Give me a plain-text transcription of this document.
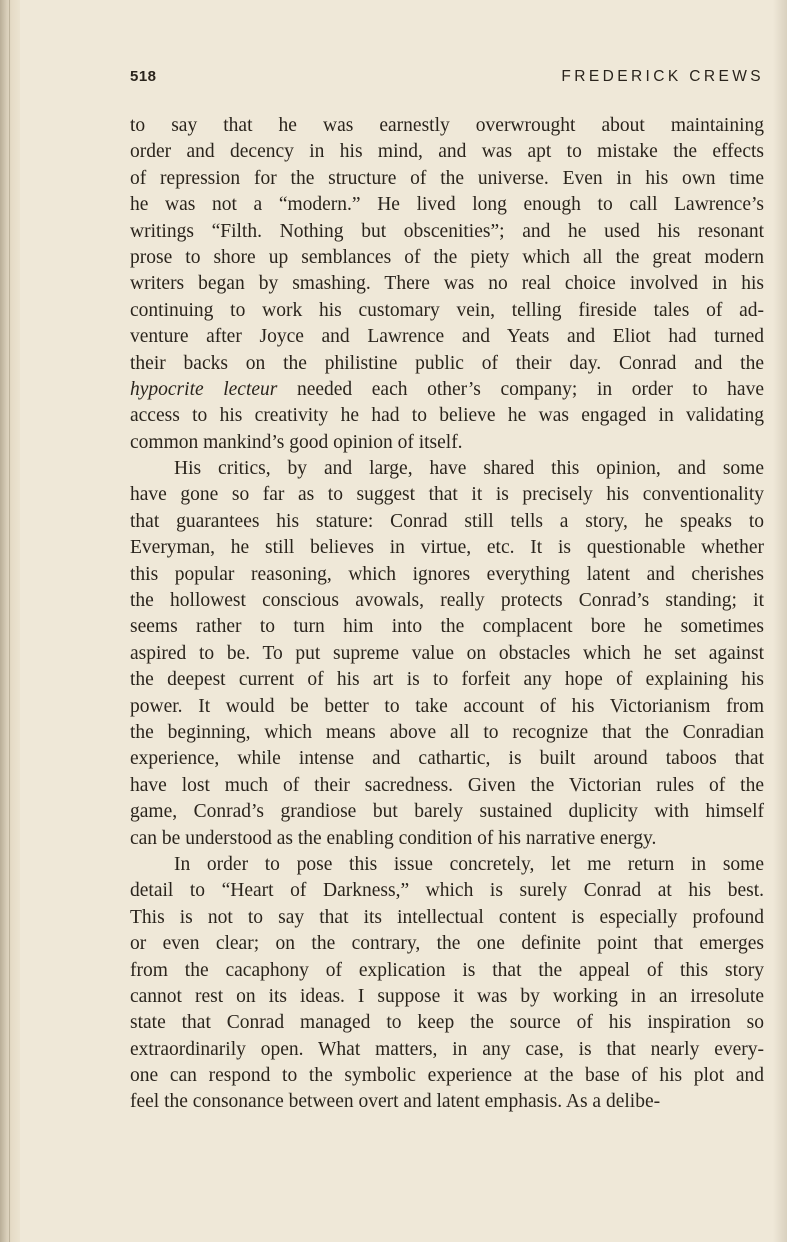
518	FREDERICK CREWS
to say that he was earnestly overwrought about maintaining
order and decency in his mind, and was apt to mistake the effects
of repression for the structure of the universe. Even in his own time
he was not a “modern.” He lived long enough to call Lawrence’s
writings “Filth. Nothing but obscenities”; and he used his resonant
prose to shore up semblances of the piety which all the great modern
writers began by smashing. There was no real choice involved in his
continuing to work his customary vein, telling fireside tales of ad-
venture after Joyce and Lawrence and Yeats and Eliot had turned
their backs on the philistine public of their day. Conrad and the
hypocrite lecteur needed each other’s company; in order to have
access to his creativity he had to believe he was engaged in validating
common mankind’s good opinion of itself.
His critics, by and large, have shared this opinion, and some
have gone so far as to suggest that it is precisely his conventionality
that guarantees his stature: Conrad still tells a story, he speaks to
Everyman, he still believes in virtue, etc. It is questionable whether
this popular reasoning, which ignores everything latent and cherishes
the hollowest conscious avowals, really protects Conrad’s standing; it
seems rather to turn him into the complacent bore he sometimes
aspired to be. To put supreme value on obstacles which he set against
the deepest current of his art is to forfeit any hope of explaining his
power. It would be better to take account of his Victorianism from
the beginning, which means above all to recognize that the Conradian
experience, while intense and cathartic, is built around taboos that
have lost much of their sacredness. Given the Victorian rules of the
game, Conrad’s grandiose but barely sustained duplicity with himself
can be understood as the enabling condition of his narrative energy.
In order to pose this issue concretely, let me return in some
detail to “Heart of Darkness,” which is surely Conrad at his best.
This is not to say that its intellectual content is especially profound
or even clear; on the contrary, the one definite point that emerges
from the cacaphony of explication is that the appeal of this story
cannot rest on its ideas. I suppose it was by working in an irresolute
state that Conrad managed to keep the source of his inspiration so
extraordinarily open. What matters, in any case, is that nearly every-
one can respond to the symbolic experience at the base of his plot and
feel the consonance between overt and latent emphasis. As a delibe-
